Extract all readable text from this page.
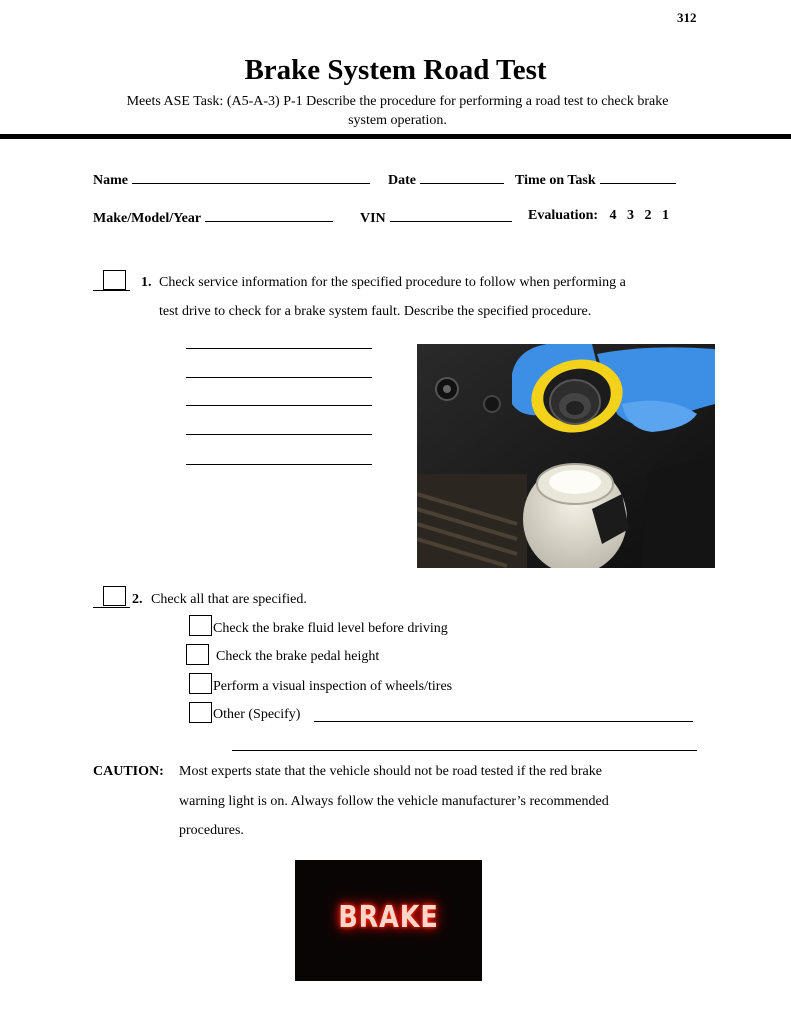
312
Brake System Road Test
Meets ASE Task: (A5-A-3) P-1 Describe the procedure for performing a road test to check brake system operation.
Name	Date	Time on Task
Make/Model/Year	VIN	Evaluation: 4   3   2   1
1. Check service information for the specified procedure to follow when performing a
test drive to check for a brake system fault. Describe the specified procedure.
2. Check all that are specified.
Check the brake fluid level before driving
Check the brake pedal height
Perform a visual inspection of wheels/tires
Other (Specify)
CAUTION: Most experts state that the vehicle should not be road tested if the red brake
warning light is on. Always follow the vehicle manufacturer’s recommended
procedures.
BRAKE
